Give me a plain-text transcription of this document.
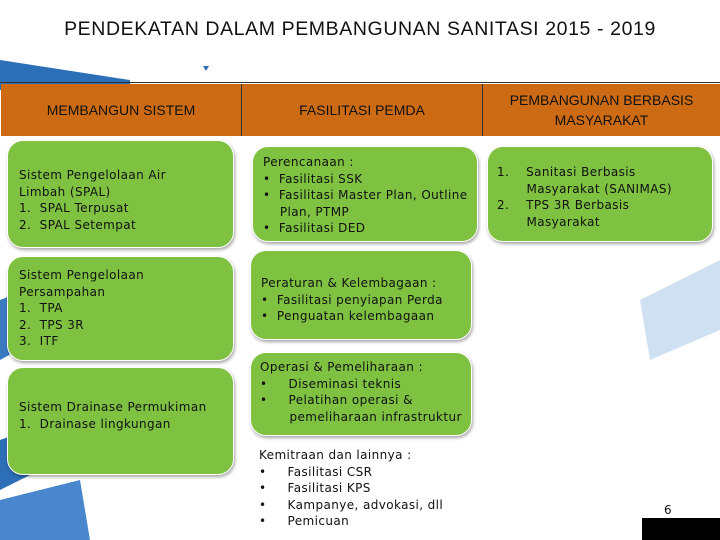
PENDEKATAN DALAM PEMBANGUNAN SANITASI 2015 - 2019
MEMBANGUN SISTEM	FASILITASI PEMDA
PEMBANGUNAN BERBASIS
MASYARAKAT
Sistem Pengelolaan Air
Limbah (SPAL)
1.  SPAL Terpusat
2.  SPAL Setempat
Sistem Pengelolaan
Persampahan
1.  TPA
2.  TPS 3R
3.  ITF
Sistem Drainase Permukiman
1.  Drainase lingkungan
Perencanaan :
•  Fasilitasi SSK
•  Fasilitasi Master Plan, Outline
Plan, PTMP
•  Fasilitasi DED
Peraturan & Kelembagaan :
•  Fasilitasi penyiapan Perda
•  Penguatan kelembagaan
Operasi & Pemeliharaan :
•     Diseminasi teknis
•     Pelatihan operasi &
pemeliharaan infrastruktur
Kemitraan dan lainnya :
•     Fasilitasi CSR
•     Fasilitasi KPS
•     Kampanye, advokasi, dll
•     Pemicuan
1.    Sanitasi Berbasis
Masyarakat (SANIMAS)
2.    TPS 3R Berbasis
Masyarakat
6
